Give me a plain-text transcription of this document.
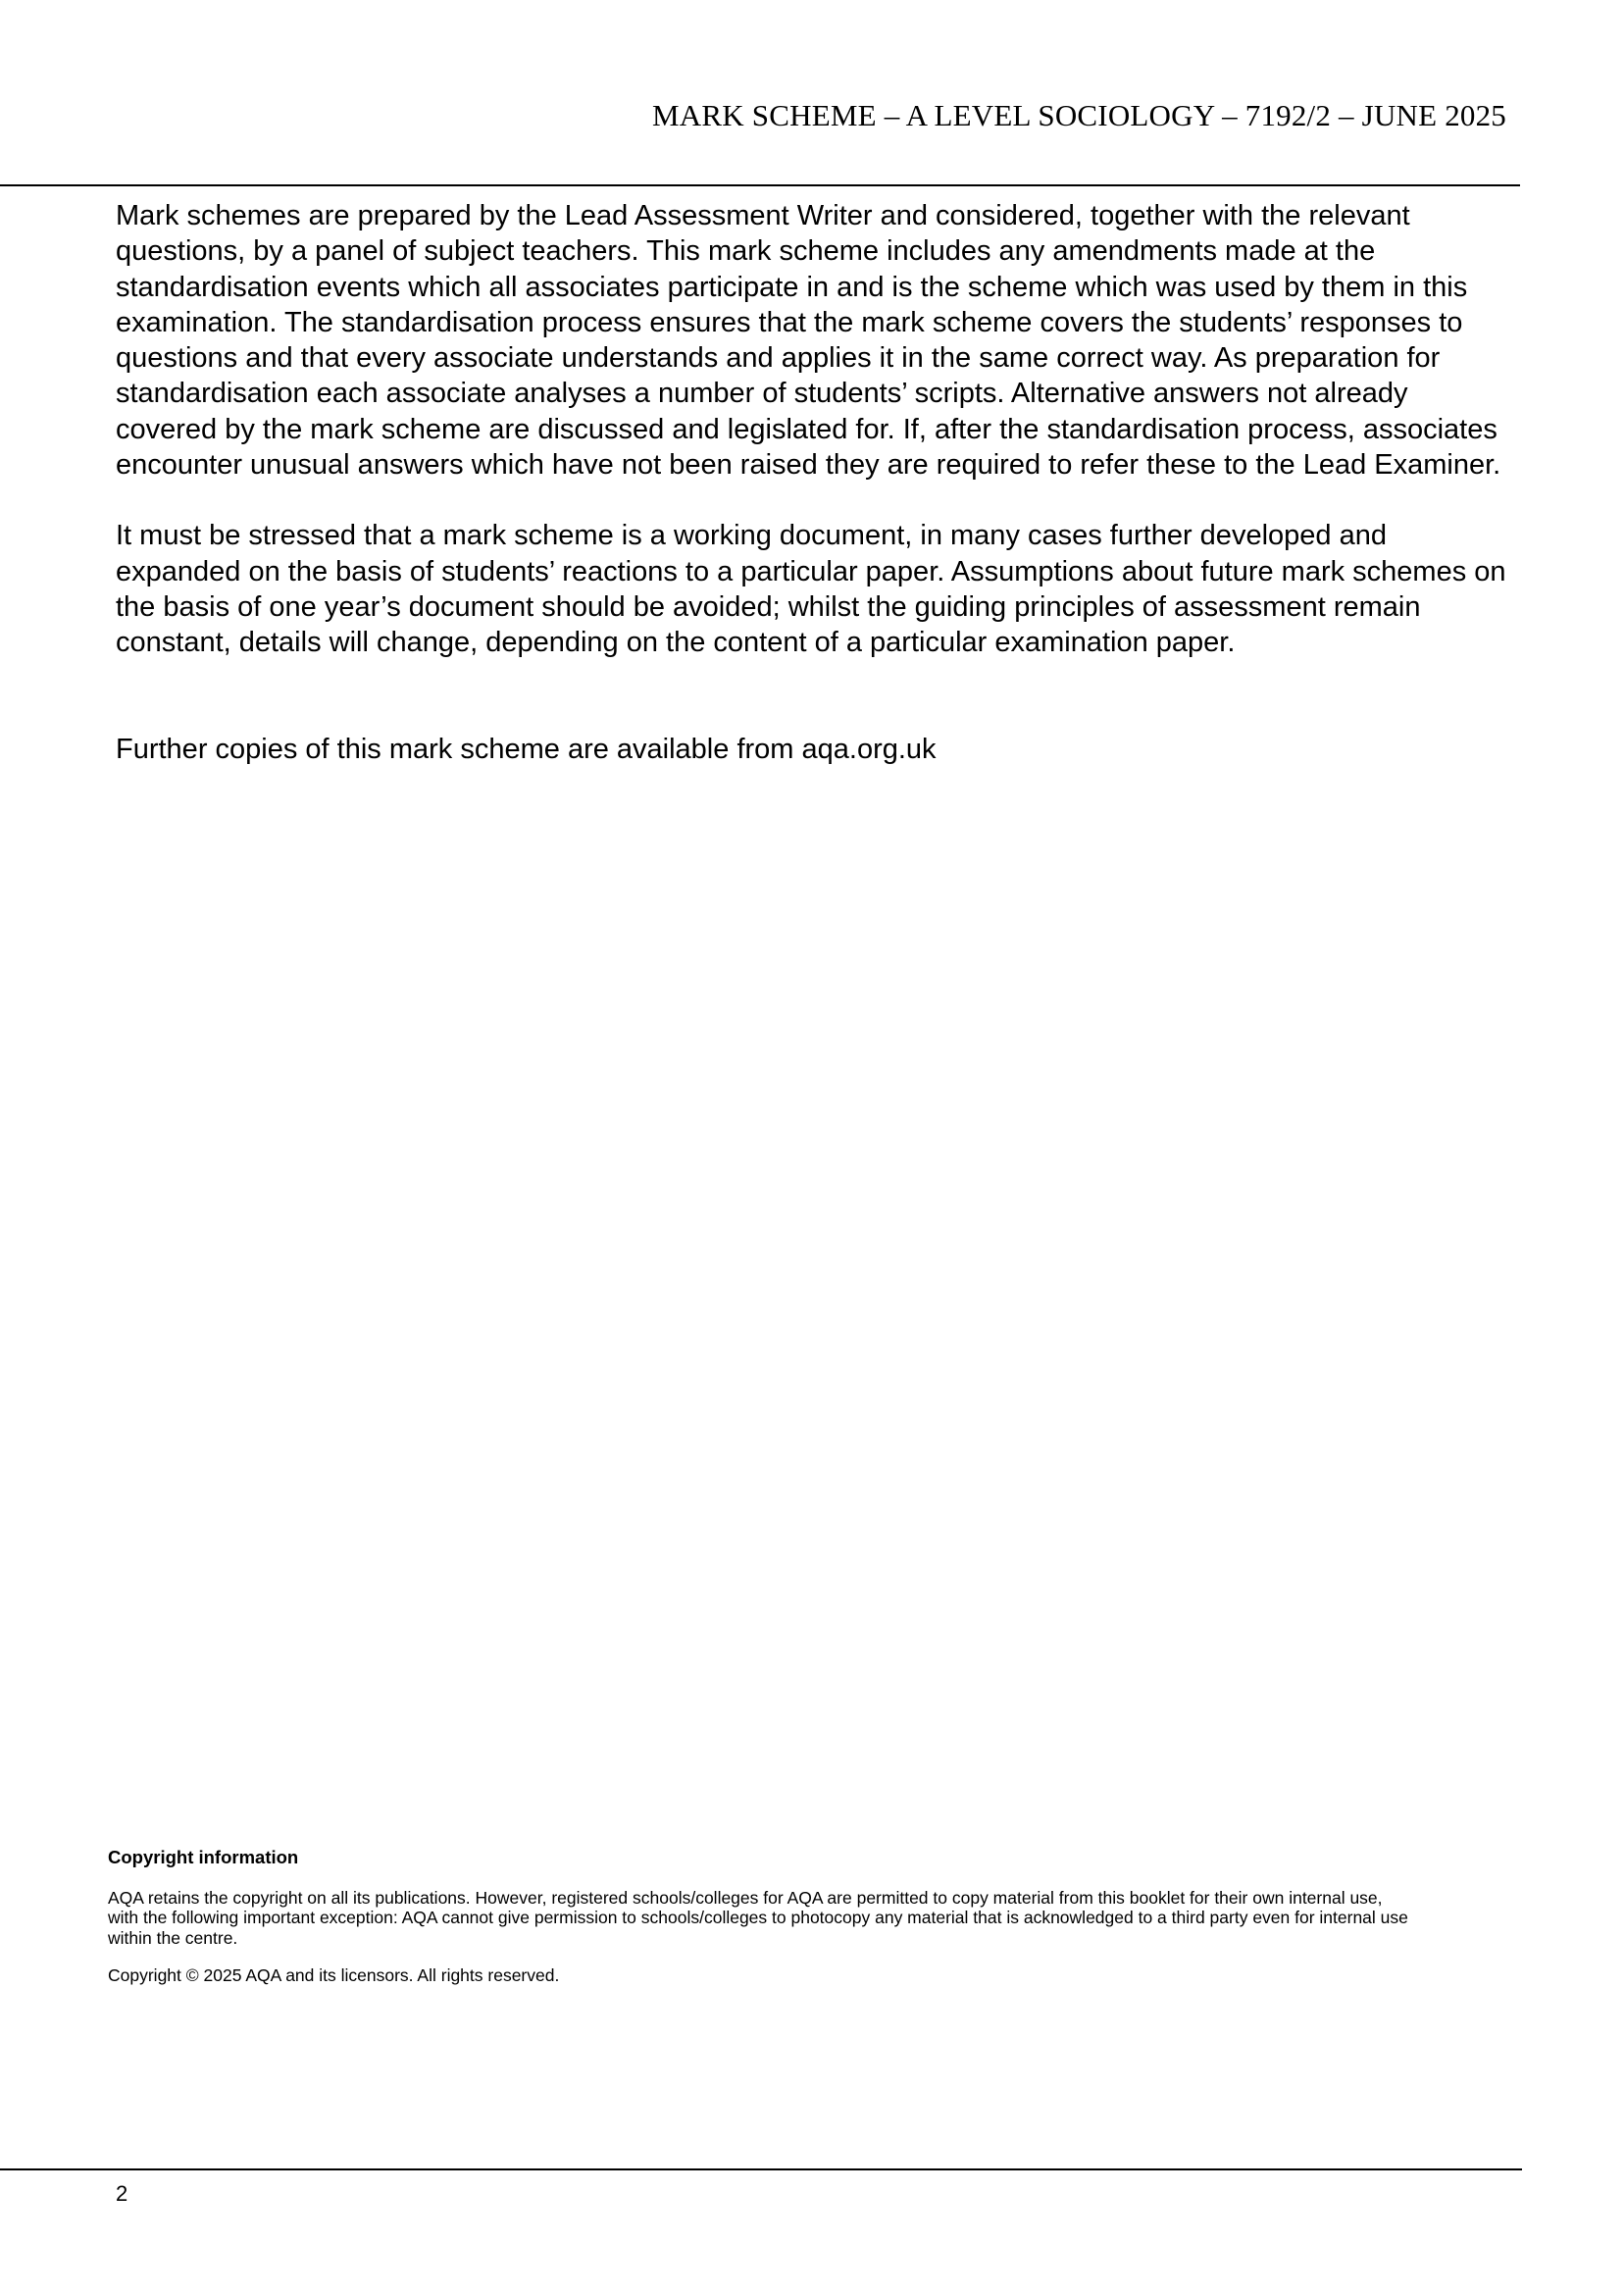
MARK SCHEME – A LEVEL SOCIOLOGY – 7192/2 – JUNE 2025

Mark schemes are prepared by the Lead Assessment Writer and considered, together with the relevant questions, by a panel of subject teachers. This mark scheme includes any amendments made at the standardisation events which all associates participate in and is the scheme which was used by them in this examination. The standardisation process ensures that the mark scheme covers the students’ responses to questions and that every associate understands and applies it in the same correct way. As preparation for standardisation each associate analyses a number of students’ scripts. Alternative answers not already covered by the mark scheme are discussed and legislated for. If, after the standardisation process, associates encounter unusual answers which have not been raised they are required to refer these to the Lead Examiner.

It must be stressed that a mark scheme is a working document, in many cases further developed and expanded on the basis of students’ reactions to a particular paper. Assumptions about future mark schemes on the basis of one year’s document should be avoided; whilst the guiding principles of assessment remain constant, details will change, depending on the content of a particular examination paper.

Further copies of this mark scheme are available from aqa.org.uk

Copyright information

AQA retains the copyright on all its publications. However, registered schools/colleges for AQA are permitted to copy material from this booklet for their own internal use, with the following important exception: AQA cannot give permission to schools/colleges to photocopy any material that is acknowledged to a third party even for internal use within the centre.

Copyright © 2025 AQA and its licensors. All rights reserved.

2
